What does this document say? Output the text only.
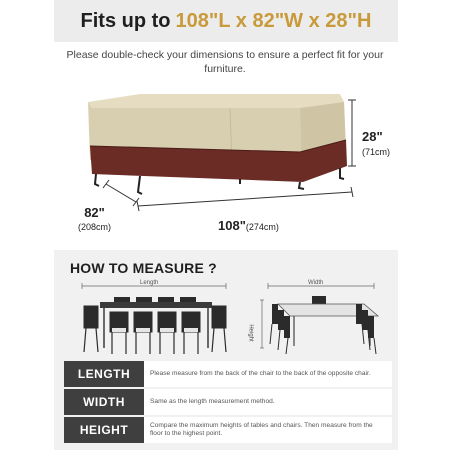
Fits up to 108"L x 82"W x 28"H
Please double-check your dimensions to ensure a perfect fit for your furniture.
28"
(71cm)
82"
(208cm)	108"(274cm)
HOW TO MEASURE ?
Length	Width
Height
LENGTH	Please measure from the back of the chair to the back of the opposite chair.
WIDTH	Same as the length measurement method.
HEIGHT	Compare the maximum heights of tables and chairs. Then measure from the floor to the highest point.
